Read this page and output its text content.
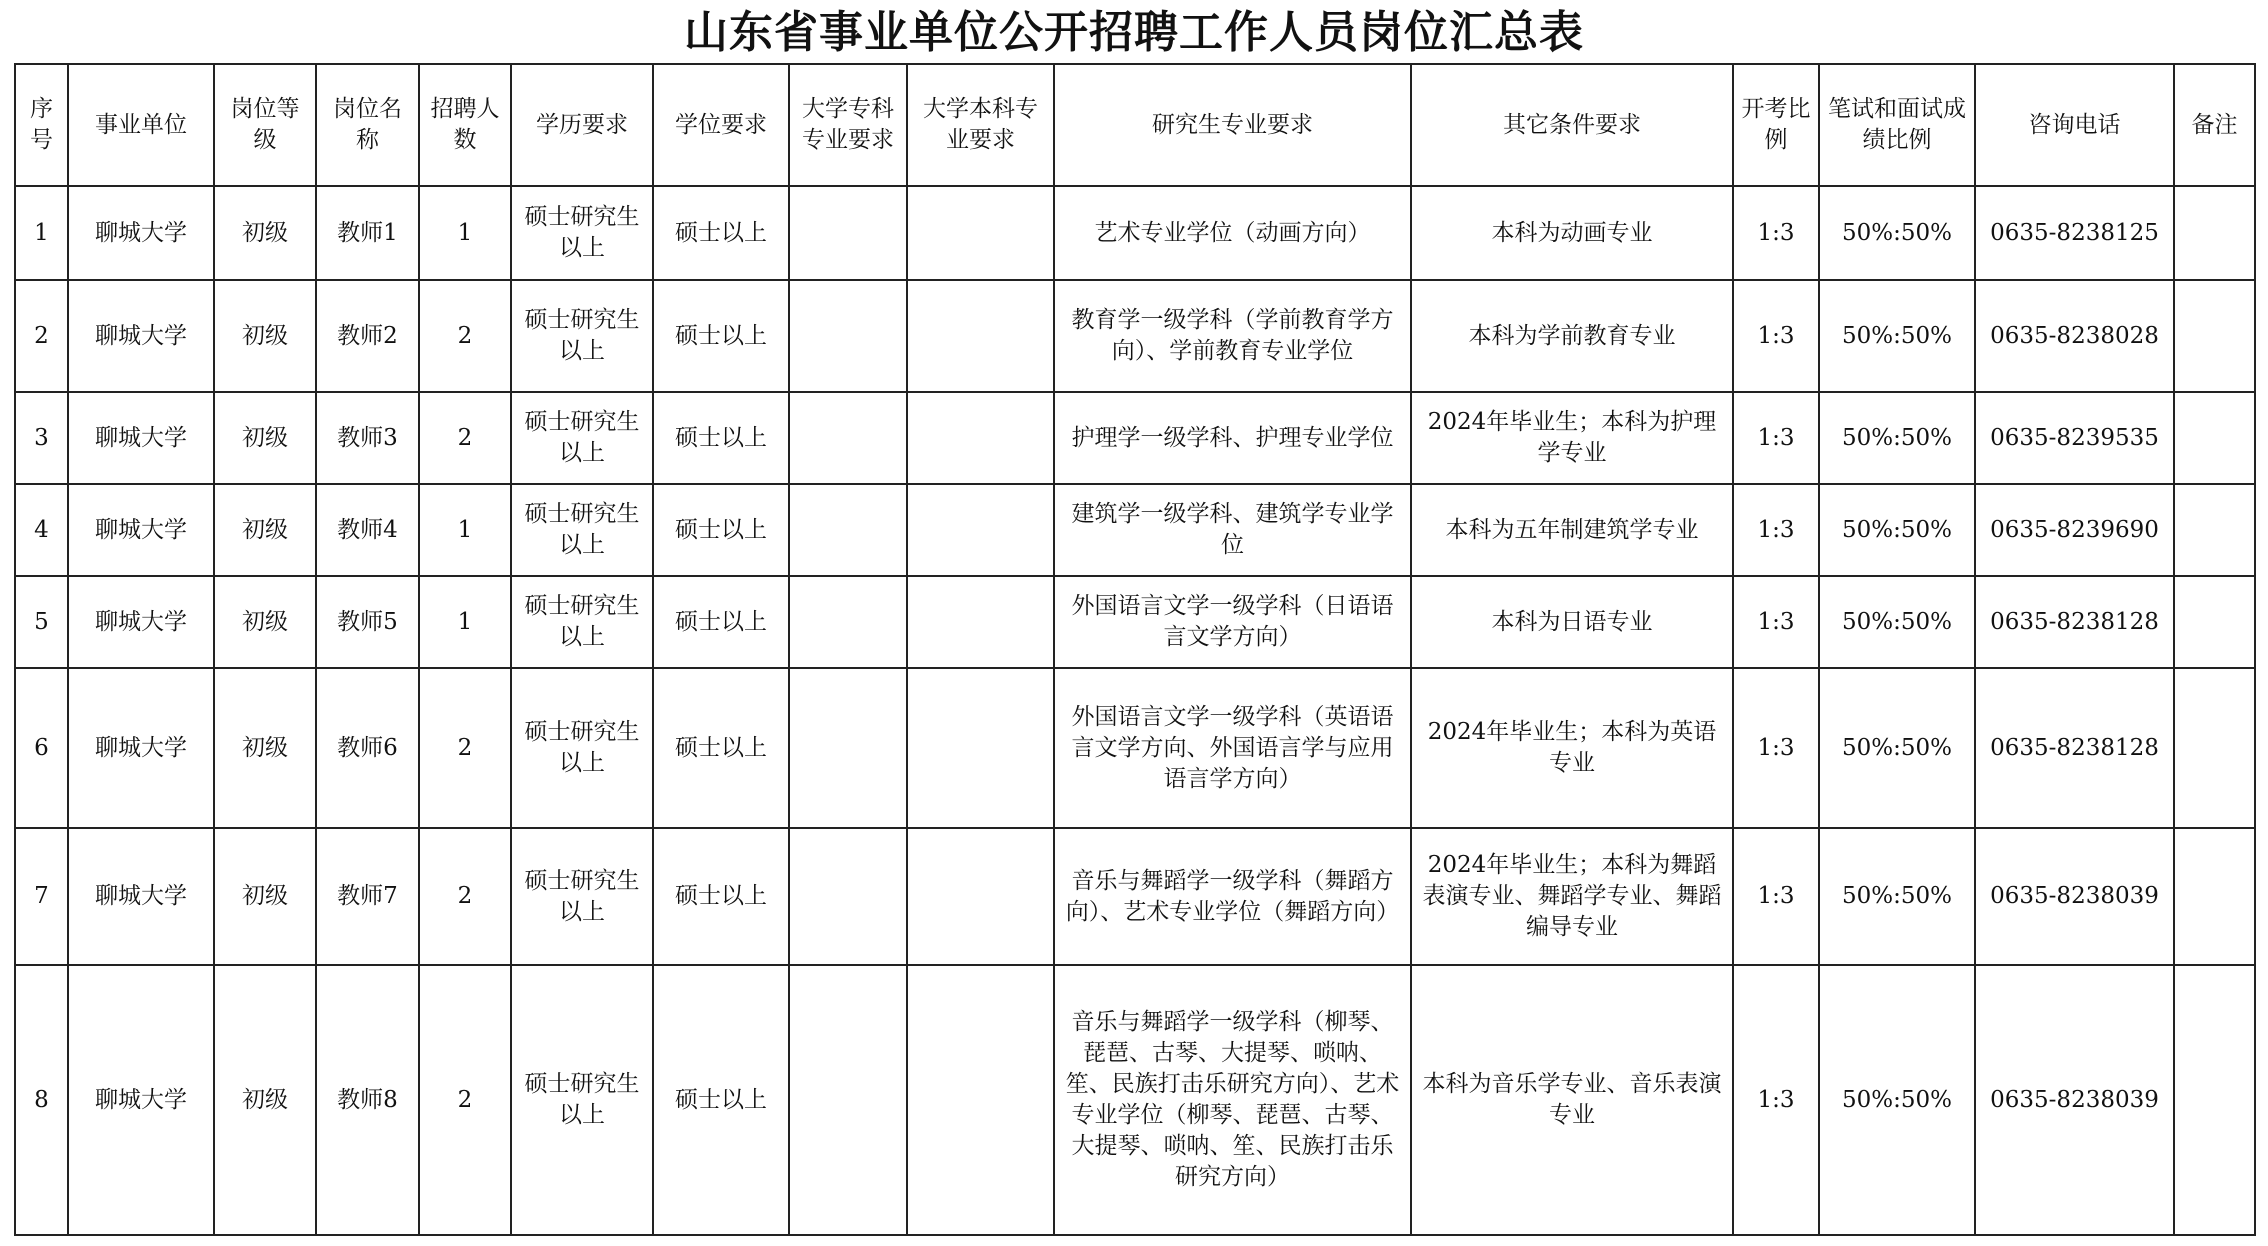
山东省事业单位公开招聘工作人员岗位汇总表
序号	事业单位	岗位等级	岗位名称	招聘人数	学历要求	学位要求	大学专科专业要求	大学本科专业要求	研究生专业要求	其它条件要求	开考比例	笔试和面试成绩比例	咨询电话	备注
1	聊城大学	初级	教师1	1	硕士研究生以上	硕士以上			艺术专业学位（动画方向）	本科为动画专业	1:3	50%:50%	0635-8238125	
2	聊城大学	初级	教师2	2	硕士研究生以上	硕士以上			教育学一级学科（学前教育学方向）、学前教育专业学位	本科为学前教育专业	1:3	50%:50%	0635-8238028	
3	聊城大学	初级	教师3	2	硕士研究生以上	硕士以上			护理学一级学科、护理专业学位	2024年毕业生；本科为护理学专业	1:3	50%:50%	0635-8239535	
4	聊城大学	初级	教师4	1	硕士研究生以上	硕士以上			建筑学一级学科、建筑学专业学位	本科为五年制建筑学专业	1:3	50%:50%	0635-8239690	
5	聊城大学	初级	教师5	1	硕士研究生以上	硕士以上			外国语言文学一级学科（日语语言文学方向）	本科为日语专业	1:3	50%:50%	0635-8238128	
6	聊城大学	初级	教师6	2	硕士研究生以上	硕士以上			外国语言文学一级学科（英语语言文学方向、外国语言学与应用语言学方向）	2024年毕业生；本科为英语专业	1:3	50%:50%	0635-8238128	
7	聊城大学	初级	教师7	2	硕士研究生以上	硕士以上			音乐与舞蹈学一级学科（舞蹈方向）、艺术专业学位（舞蹈方向）	2024年毕业生；本科为舞蹈表演专业、舞蹈学专业、舞蹈编导专业	1:3	50%:50%	0635-8238039	
8	聊城大学	初级	教师8	2	硕士研究生以上	硕士以上			音乐与舞蹈学一级学科（柳琴、琵琶、古琴、大提琴、唢呐、笙、民族打击乐研究方向）、艺术专业学位（柳琴、琵琶、古琴、大提琴、唢呐、笙、民族打击乐研究方向）	本科为音乐学专业、音乐表演专业	1:3	50%:50%	0635-8238039	
